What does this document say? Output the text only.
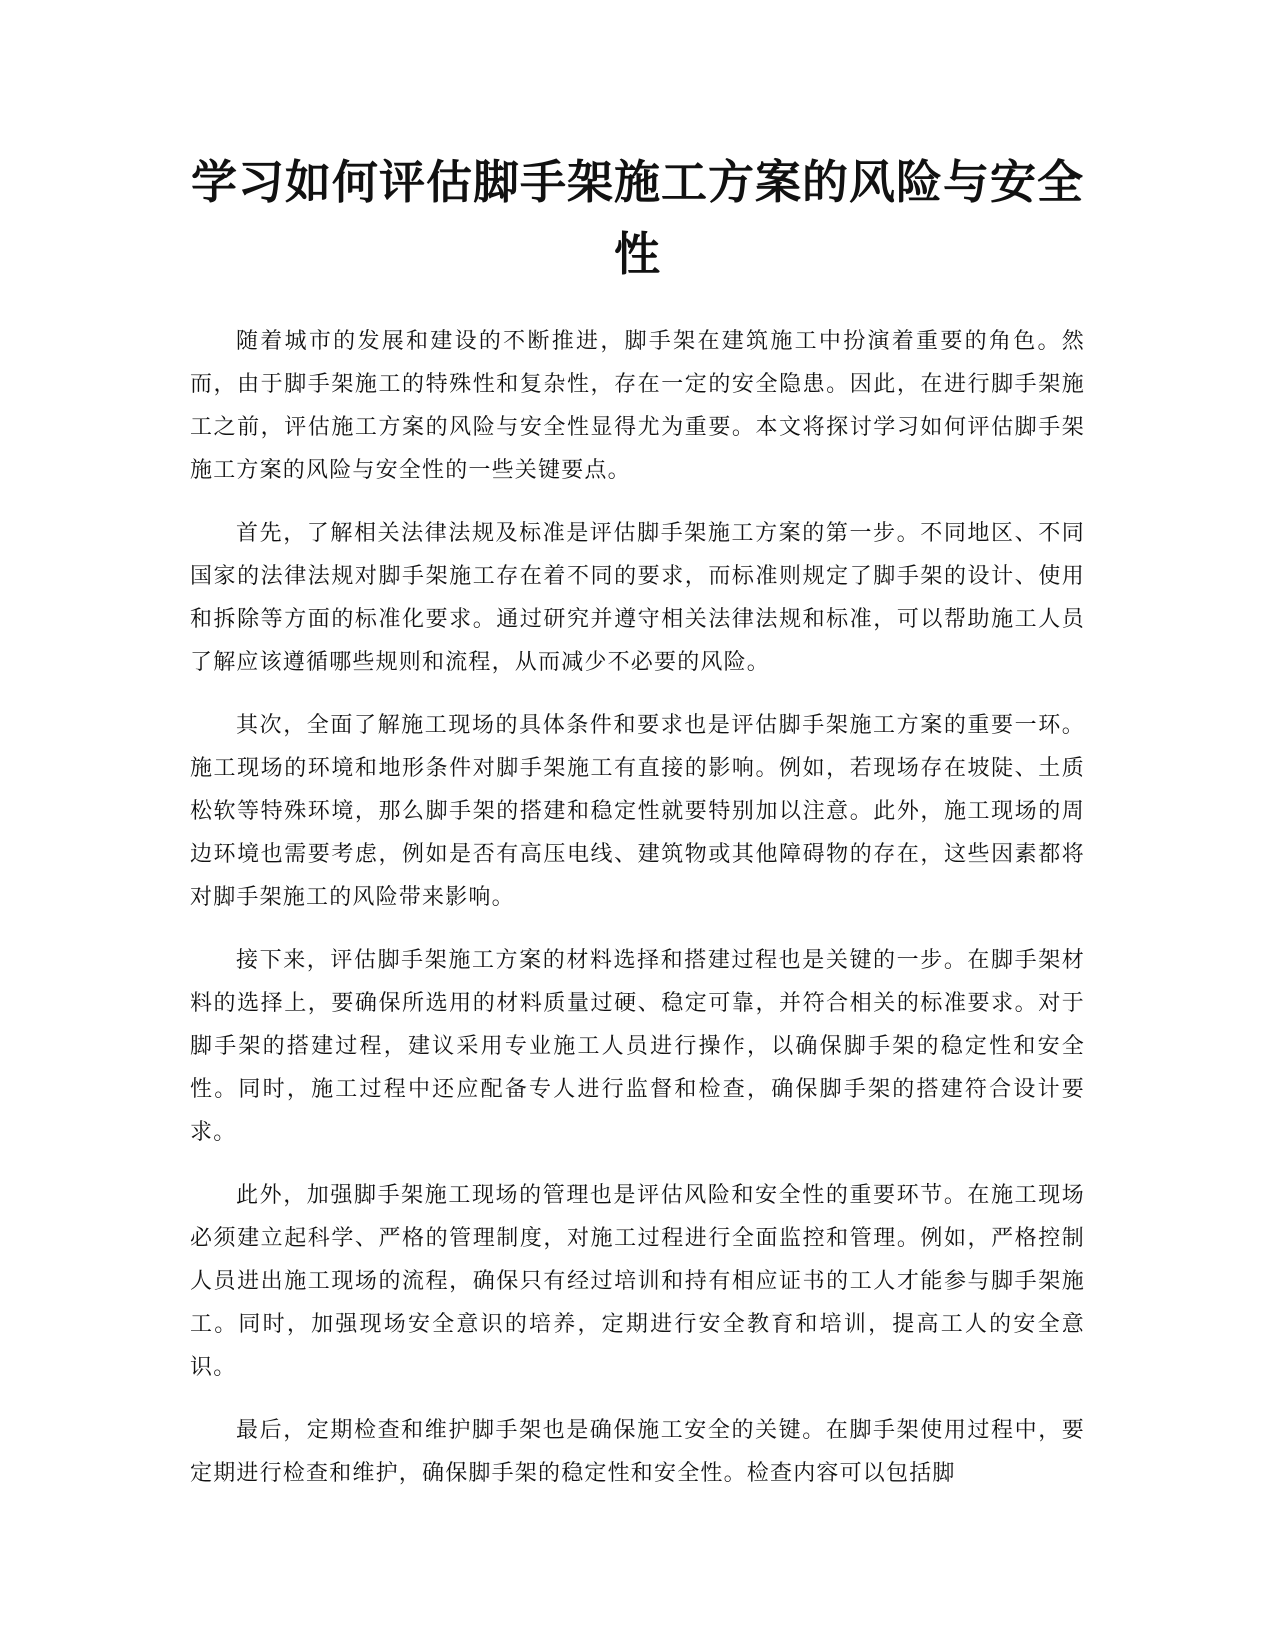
学习如何评估脚手架施工方案的风险与安全性

随着城市的发展和建设的不断推进，脚手架在建筑施工中扮演着重要的角色。然而，由于脚手架施工的特殊性和复杂性，存在一定的安全隐患。因此，在进行脚手架施工之前，评估施工方案的风险与安全性显得尤为重要。本文将探讨学习如何评估脚手架施工方案的风险与安全性的一些关键要点。

首先，了解相关法律法规及标准是评估脚手架施工方案的第一步。不同地区、不同国家的法律法规对脚手架施工存在着不同的要求，而标准则规定了脚手架的设计、使用和拆除等方面的标准化要求。通过研究并遵守相关法律法规和标准，可以帮助施工人员了解应该遵循哪些规则和流程，从而减少不必要的风险。

其次，全面了解施工现场的具体条件和要求也是评估脚手架施工方案的重要一环。施工现场的环境和地形条件对脚手架施工有直接的影响。例如，若现场存在坡陡、土质松软等特殊环境，那么脚手架的搭建和稳定性就要特别加以注意。此外，施工现场的周边环境也需要考虑，例如是否有高压电线、建筑物或其他障碍物的存在，这些因素都将对脚手架施工的风险带来影响。

接下来，评估脚手架施工方案的材料选择和搭建过程也是关键的一步。在脚手架材料的选择上，要确保所选用的材料质量过硬、稳定可靠，并符合相关的标准要求。对于脚手架的搭建过程，建议采用专业施工人员进行操作，以确保脚手架的稳定性和安全性。同时，施工过程中还应配备专人进行监督和检查，确保脚手架的搭建符合设计要求。

此外，加强脚手架施工现场的管理也是评估风险和安全性的重要环节。在施工现场必须建立起科学、严格的管理制度，对施工过程进行全面监控和管理。例如，严格控制人员进出施工现场的流程，确保只有经过培训和持有相应证书的工人才能参与脚手架施工。同时，加强现场安全意识的培养，定期进行安全教育和培训，提高工人的安全意识。

最后，定期检查和维护脚手架也是确保施工安全的关键。在脚手架使用过程中，要定期进行检查和维护，确保脚手架的稳定性和安全性。检查内容可以包括脚
